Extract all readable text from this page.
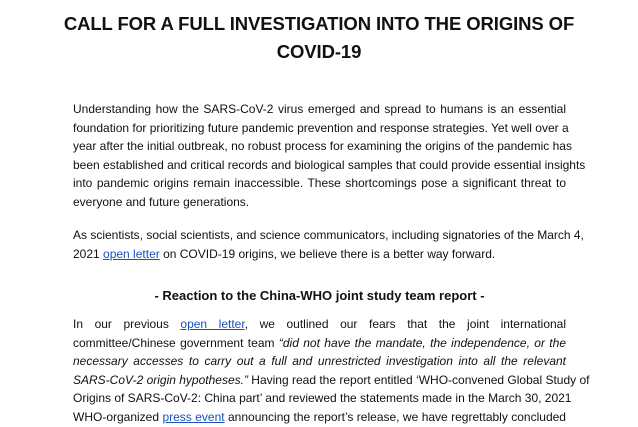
CALL FOR A FULL INVESTIGATION INTO THE ORIGINS OF
COVID-19
Understanding how the SARS-CoV-2 virus emerged and spread to humans is an essential
foundation for prioritizing future pandemic prevention and response strategies. Yet well over a
year after the initial outbreak, no robust process for examining the origins of the pandemic has
been established and critical records and biological samples that could provide essential insights
into pandemic origins remain inaccessible. These shortcomings pose a significant threat to
everyone and future generations.
As scientists, social scientists, and science communicators, including signatories of the March 4,
2021 open letter on COVID-19 origins, we believe there is a better way forward.
- Reaction to the China-WHO joint study team report -
In our previous open letter, we outlined our fears that the joint international
committee/Chinese government team “did not have the mandate, the independence, or the
necessary accesses to carry out a full and unrestricted investigation into all the relevant
SARS-CoV-2 origin hypotheses.” Having read the report entitled ‘WHO-convened Global Study of
Origins of SARS-CoV-2: China part’ and reviewed the statements made in the March 30, 2021
WHO-organized press event announcing the report’s release, we have regrettably concluded
